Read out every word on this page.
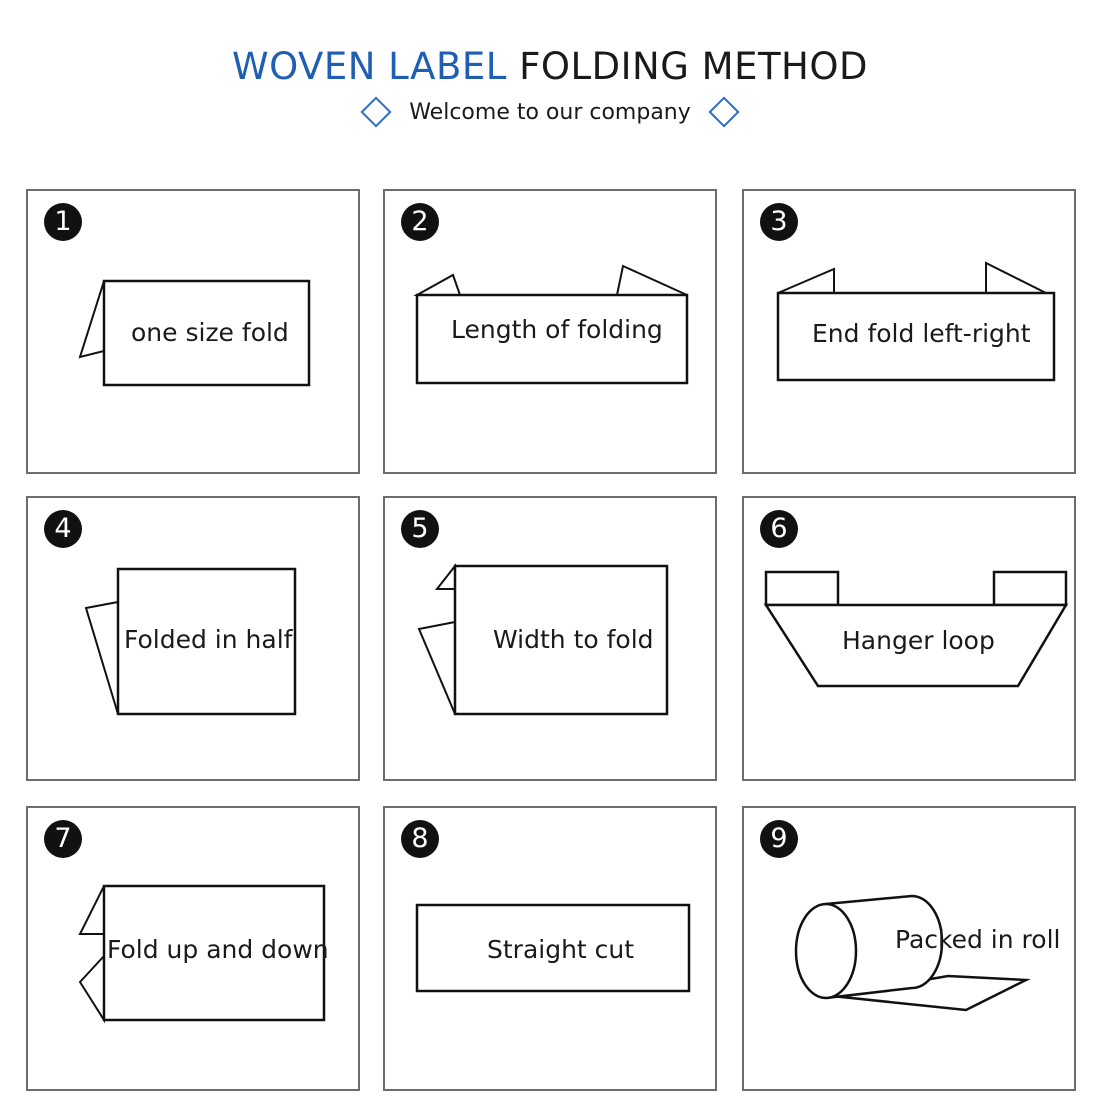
WOVEN LABEL FOLDING METHOD
Welcome to our company
1
one size fold
2
Length of folding
3
End fold left-right
4
Folded in half
5
Width to fold
6
Hanger loop
7
Fold up and down
8
Straight cut
9
Packed in roll
